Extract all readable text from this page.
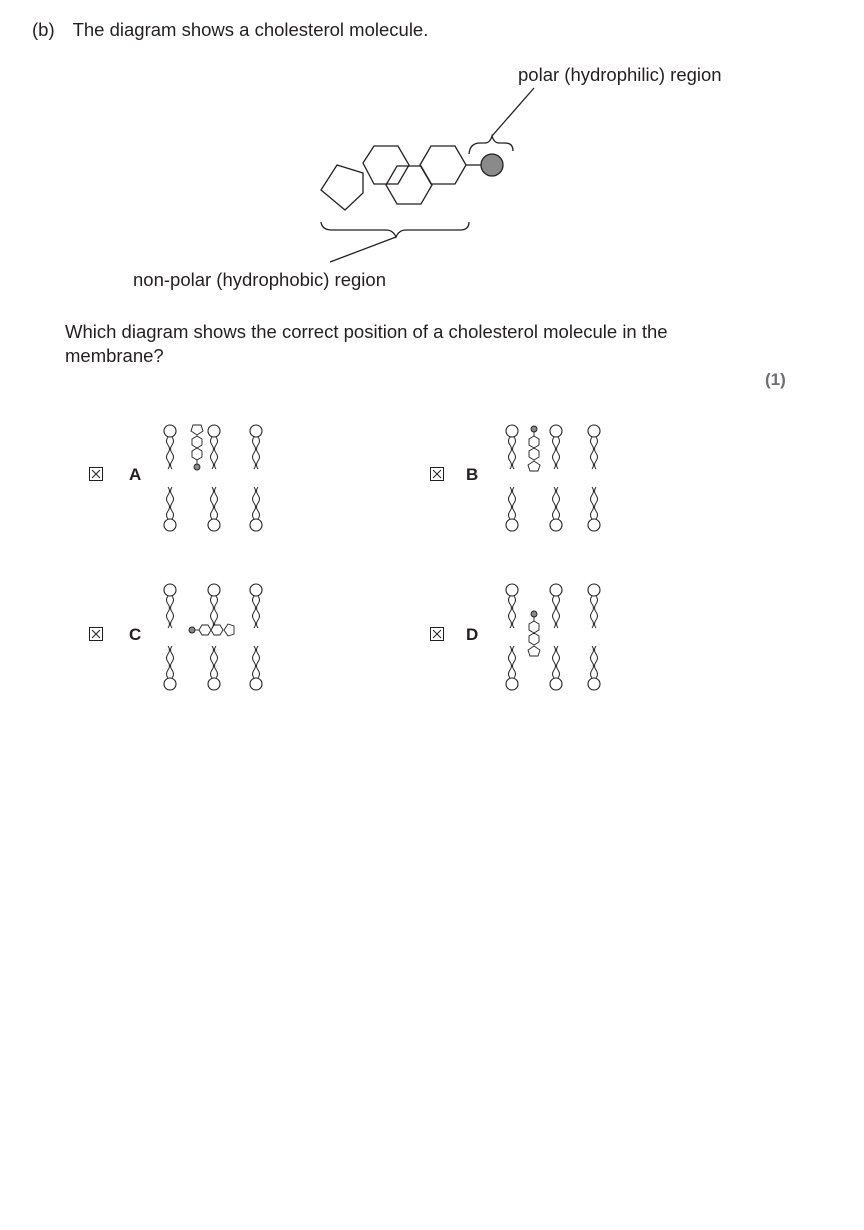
(b) The diagram shows a cholesterol molecule.
polar (hydrophilic) region
non-polar (hydrophobic) region
Which diagram shows the correct position of a cholesterol molecule in the membrane?
(1)
A	B
C	D
